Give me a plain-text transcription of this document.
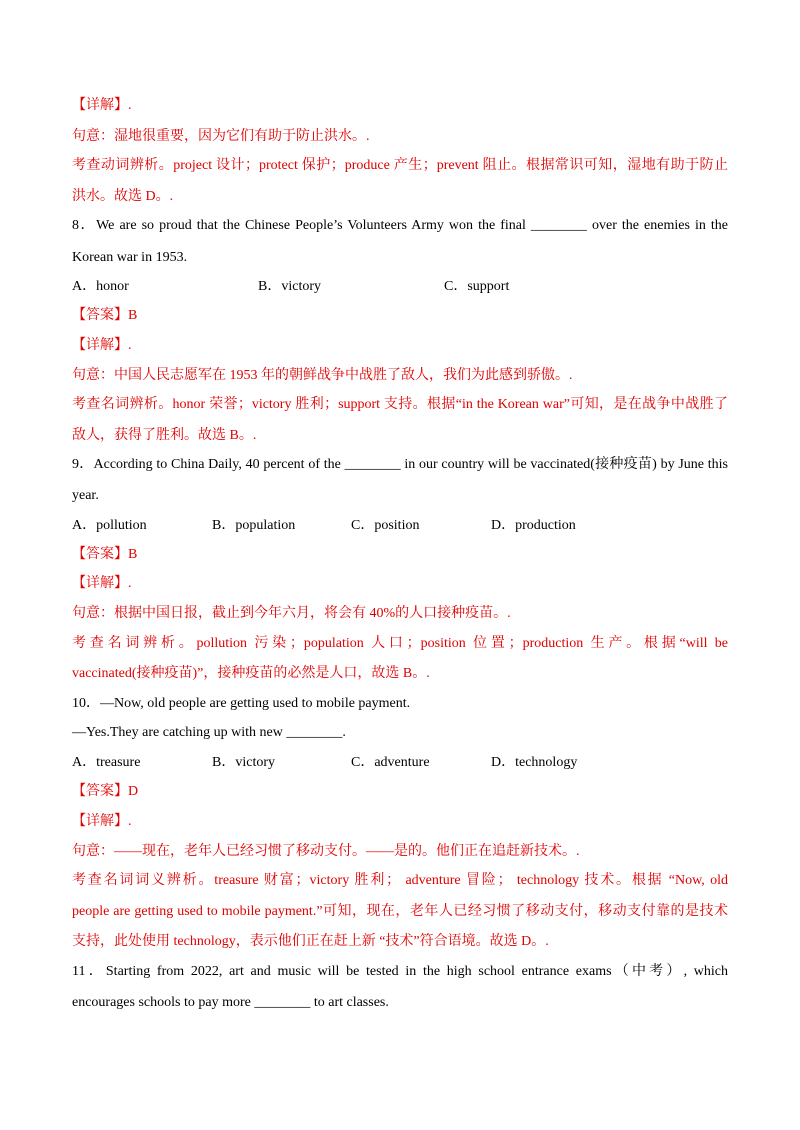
【详解】.
句意：湿地很重要，因为它们有助于防止洪水。.
考查动词辨析。project 设计；protect 保护；produce 产生；prevent 阻止。根据常识可知，湿地有助于防止
洪水。故选 D。.
8．We are so proud that the Chinese People’s Volunteers Army won the final ________ over the enemies in the
Korean war in 1953.
A．honor	B．victory	C．support
【答案】B
【详解】.
句意：中国人民志愿军在 1953 年的朝鲜战争中战胜了敌人，我们为此感到骄傲。.
考查名词辨析。honor 荣誉；victory 胜利；support 支持。根据“in the Korean war”可知，是在战争中战胜了
敌人，获得了胜利。故选 B。.
9．According to China Daily, 40 percent of the ________ in our country will be vaccinated(接种疫苗) by June this
year.
A．pollution	B．population	C．position	D．production
【答案】B
【详解】.
句意：根据中国日报，截止到今年六月，将会有 40%的人口接种疫苗。.
考查名词辨析。pollution 污染；population 人口；position 位置；production 生产。根据“will be
vaccinated(接种疫苗)”，接种疫苗的必然是人口，故选 B。.
10．—Now, old people are getting used to mobile payment.
—Yes.They are catching up with new ________.
A．treasure	B．victory	C．adventure	D．technology
【答案】D
【详解】.
句意：——现在，老年人已经习惯了移动支付。——是的。他们正在追赶新技术。.
考查名词词义辨析。treasure 财富；victory 胜利； adventure 冒险； technology 技术。根据 “Now, old
people are getting used to mobile payment.”可知，现在，老年人已经习惯了移动支付，移动支付靠的是技术
支持，此处使用 technology，表示他们正在赶上新 “技术”符合语境。故选 D。.
11．Starting from 2022, art and music will be tested in the high school entrance exams（中考）, which
encourages schools to pay more ________ to art classes.
